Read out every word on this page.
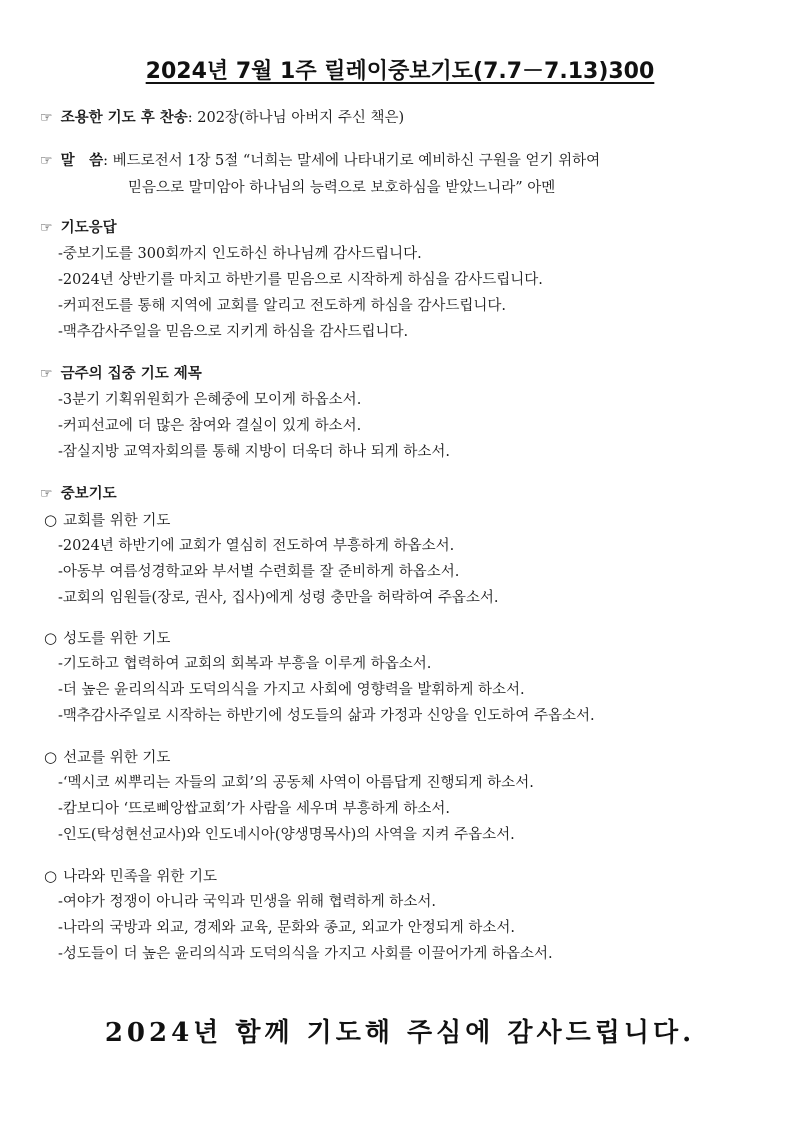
2024년 7월 1주 릴레이중보기도(7.7－7.13)300
☞ 조용한 기도 후 찬송: 202장(하나님 아버지 주신 책은)
☞ 말　씀: 베드로전서 1장 5절 “너희는 말세에 나타내기로 예비하신 구원을 얻기 위하여
믿음으로 말미암아 하나님의 능력으로 보호하심을 받았느니라” 아멘
☞ 기도응답
-중보기도를 300회까지 인도하신 하나님께 감사드립니다.
-2024년 상반기를 마치고 하반기를 믿음으로 시작하게 하심을 감사드립니다.
-커피전도를 통해 지역에 교회를 알리고 전도하게 하심을 감사드립니다.
-맥추감사주일을 믿음으로 지키게 하심을 감사드립니다.
☞ 금주의 집중 기도 제목
-3분기 기획위원회가 은혜중에 모이게 하옵소서.
-커피선교에 더 많은 참여와 결실이 있게 하소서.
-잠실지방 교역자회의를 통해 지방이 더욱더 하나 되게 하소서.
☞ 중보기도
○ 교회를 위한 기도
-2024년 하반기에 교회가 열심히 전도하여 부흥하게 하옵소서.
-아동부 여름성경학교와 부서별 수련회를 잘 준비하게 하옵소서.
-교회의 임원들(장로, 권사, 집사)에게 성령 충만을 허락하여 주옵소서.
○ 성도를 위한 기도
-기도하고 협력하여 교회의 회복과 부흥을 이루게 하옵소서.
-더 높은 윤리의식과 도덕의식을 가지고 사회에 영향력을 발휘하게 하소서.
-맥추감사주일로 시작하는 하반기에 성도들의 삶과 가정과 신앙을 인도하여 주옵소서.
○ 선교를 위한 기도
-‘멕시코 씨뿌리는 자들의 교회’의 공동체 사역이 아름답게 진행되게 하소서.
-캄보디아 ‘뜨로삐앙쌉교회’가 사람을 세우며 부흥하게 하소서.
-인도(탁성현선교사)와 인도네시아(양생명목사)의 사역을 지켜 주옵소서.
○ 나라와 민족을 위한 기도
-여야가 정쟁이 아니라 국익과 민생을 위해 협력하게 하소서.
-나라의 국방과 외교, 경제와 교육, 문화와 종교, 외교가 안정되게 하소서.
-성도들이 더 높은 윤리의식과 도덕의식을 가지고 사회를 이끌어가게 하옵소서.
2024년 함께 기도해 주심에 감사드립니다.
